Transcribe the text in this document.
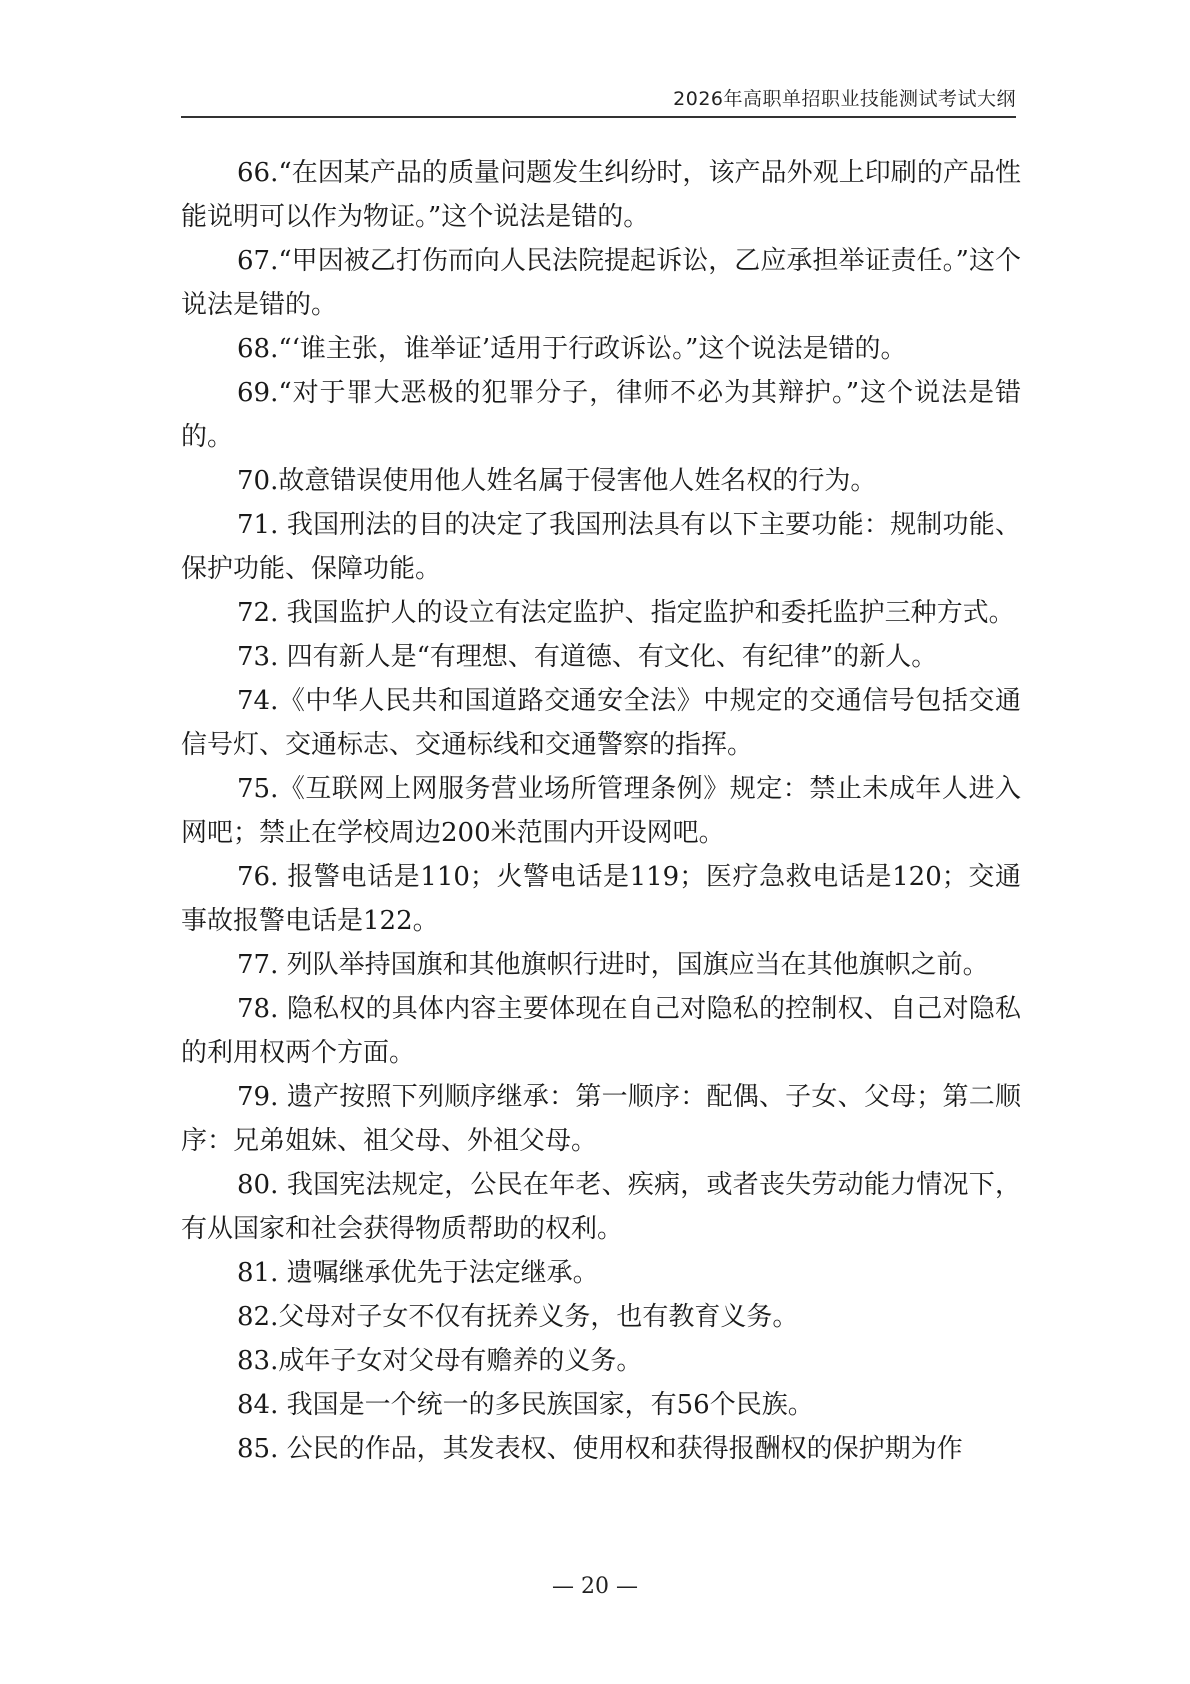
2026年高职单招职业技能测试考试大纲

66.“在因某产品的质量问题发生纠纷时，该产品外观上印刷的产品性能说明可以作为物证。”这个说法是错的。

67.“甲因被乙打伤而向人民法院提起诉讼，乙应承担举证责任。”这个说法是错的。

68.“‘谁主张，谁举证’适用于行政诉讼。”这个说法是错的。

69.“对于罪大恶极的犯罪分子，律师不必为其辩护。”这个说法是错的。

70.故意错误使用他人姓名属于侵害他人姓名权的行为。

71. 我国刑法的目的决定了我国刑法具有以下主要功能：规制功能、保护功能、保障功能。

72. 我国监护人的设立有法定监护、指定监护和委托监护三种方式。

73. 四有新人是“有理想、有道德、有文化、有纪律”的新人。

74.《中华人民共和国道路交通安全法》中规定的交通信号包括交通信号灯、交通标志、交通标线和交通警察的指挥。

75.《互联网上网服务营业场所管理条例》规定：禁止未成年人进入网吧；禁止在学校周边200米范围内开设网吧。

76. 报警电话是110；火警电话是119；医疗急救电话是120；交通事故报警电话是122。

77. 列队举持国旗和其他旗帜行进时，国旗应当在其他旗帜之前。

78. 隐私权的具体内容主要体现在自己对隐私的控制权、自己对隐私的利用权两个方面。

79. 遗产按照下列顺序继承：第一顺序：配偶、子女、父母；第二顺序：兄弟姐妹、祖父母、外祖父母。

80. 我国宪法规定，公民在年老、疾病，或者丧失劳动能力情况下，有从国家和社会获得物质帮助的权利。

81. 遗嘱继承优先于法定继承。

82.父母对子女不仅有抚养义务，也有教育义务。

83.成年子女对父母有赡养的义务。

84. 我国是一个统一的多民族国家，有56个民族。

85. 公民的作品，其发表权、使用权和获得报酬权的保护期为作

— 20 —
